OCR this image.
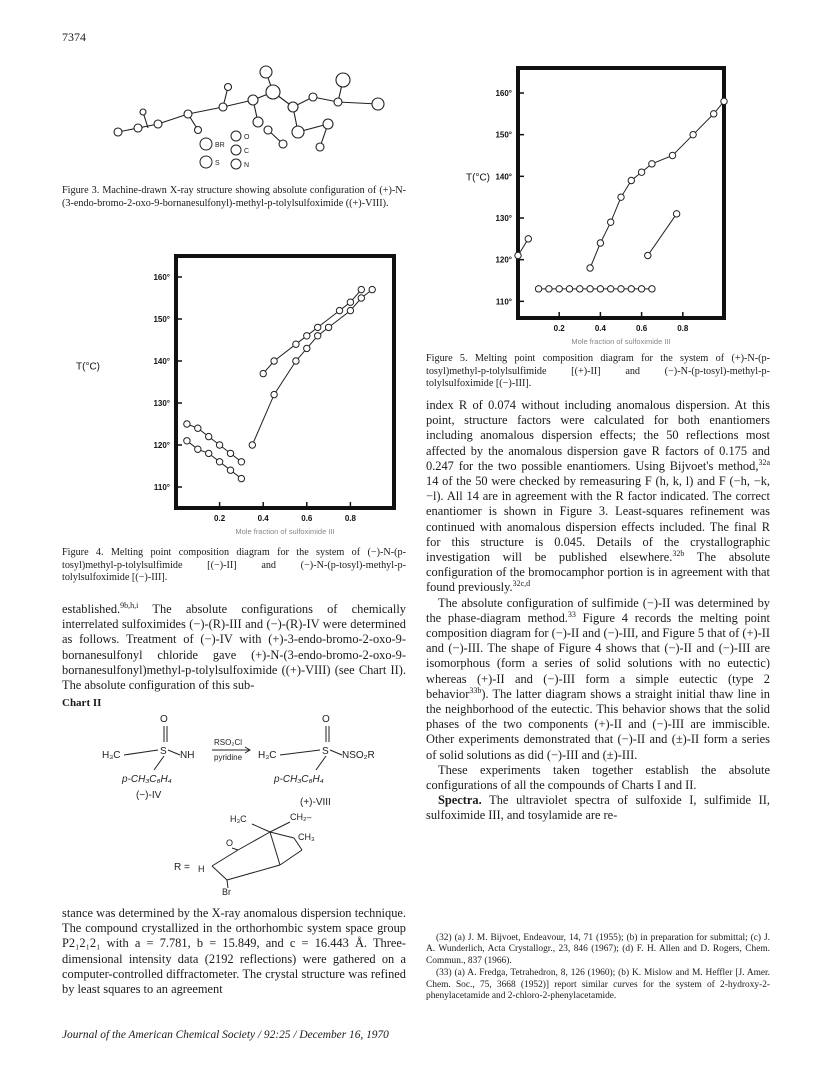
7374
BR
O
C
S	N
Figure 3. Machine-drawn X-ray structure showing absolute configuration of (+)-N-(3-endo-bromo-2-oxo-9-bornanesulfonyl)-methyl-p-tolylsulfoximide ((+)-VIII).
110°
120°
130°
140°
150°
160°
0.2	0.4	0.6	0.8
T(°C)
Mole fraction of sulfoximide III
Figure 4. Melting point composition diagram for the system of (−)-N-(p-tosyl)methyl-p-tolylsulfimide [(−)-II] and (−)-N-(p-tosyl)-methyl-p-tolylsulfoximide [(−)-III].

established.$^{9b,h,i}$ The absolute configurations of chemically interrelated sulfoximides (−)-(R)-III and (−)-(R)-IV were determined as follows. Treatment of (−)-IV with (+)-3-endo-bromo-2-oxo-9-bornanesulfonyl chloride gave (+)-N-(3-endo-bromo-2-oxo-9-bornanesulfonyl)methyl-p-tolylsulfoximide ((+)-VIII) (see Chart II). The absolute configuration of this sub-

Chart II
O
S
H₃C	NH
O
S
H₃C	NSO₂R
RSO₂Cl
pyridine
p-CH₃C₆H₄	p-CH₃C₆H₄
(−)-IV
(+)-VIII
H₃C	CH₂–
CH₃
O
H
Br
R =

stance was determined by the X-ray anomalous dispersion technique. The compound crystallized in the orthorhombic system space group P2₁2₁2₁ with a = 7.781, b = 15.849, and c = 16.443 Å. Three-dimensional intensity data (2192 reflections) were gathered on a computer-controlled diffractometer. The crystal structure was refined by least squares to an agreement

110°
120°
130°
140°
150°
160°
0.2	0.4	0.6	0.8
T(°C)
Mole fraction of sulfoximide III
Figure 5. Melting point composition diagram for the system of (+)-N-(p-tosyl)methyl-p-tolylsulfimide [(+)-II] and (−)-N-(p-tosyl)-methyl-p-tolylsulfoximide [(−)-III].

index R of 0.074 without including anomalous dispersion. At this point, structure factors were calculated for both enantiomers including anomalous dispersion effects; the 50 reflections most affected by the anomalous dispersion gave R factors of 0.175 and 0.247 for the two possible enantiomers. Using Bijvoet's method,$^{32a}$ 14 of the 50 were checked by remeasuring F (h, k, l) and F (−h, −k, −l). All 14 are in agreement with the R factor indicated. The correct enantiomer is shown in Figure 3. Least-squares refinement was continued with anomalous dispersion effects included. The final R for this structure is 0.045. Details of the crystallographic investigation will be published elsewhere.$^{32b}$ The absolute configuration of the bromocamphor portion is in agreement with that found previously.$^{32c,d}$

The absolute configuration of sulfimide (−)-II was determined by the phase-diagram method.$^{33}$ Figure 4 records the melting point composition diagram for (−)-II and (−)-III, and Figure 5 that of (+)-II and (−)-III. The shape of Figure 4 shows that (−)-II and (−)-III are isomorphous (form a series of solid solutions with no eutectic) whereas (+)-II and (−)-III form a simple eutectic (type 2 behavior$^{33b}$). The latter diagram shows a straight initial thaw line in the neighborhood of the eutectic. This behavior shows that the solid phases of the two components (+)-II and (−)-III are immiscible. Other experiments demonstrated that (−)-II and (±)-II form a series of solid solutions as did (−)-III and (±)-III.

These experiments taken together establish the absolute configurations of all the compounds of Charts I and II.

Spectra. The ultraviolet spectra of sulfoxide I, sulfimide II, sulfoximide III, and tosylamide are re-

(32) (a) J. M. Bijvoet, Endeavour, 14, 71 (1955); (b) in preparation for submittal; (c) J. A. Wunderlich, Acta Crystallogr., 23, 846 (1967); (d) F. H. Allen and D. Rogers, Chem. Commun., 837 (1966).

(33) (a) A. Fredga, Tetrahedron, 8, 126 (1960); (b) K. Mislow and M. Heffler [J. Amer. Chem. Soc., 75, 3668 (1952)] report similar curves for the system of 2-hydroxy-2-phenylacetamide and 2-chloro-2-phenylacetamide.

Journal of the American Chemical Society / 92:25 / December 16, 1970
